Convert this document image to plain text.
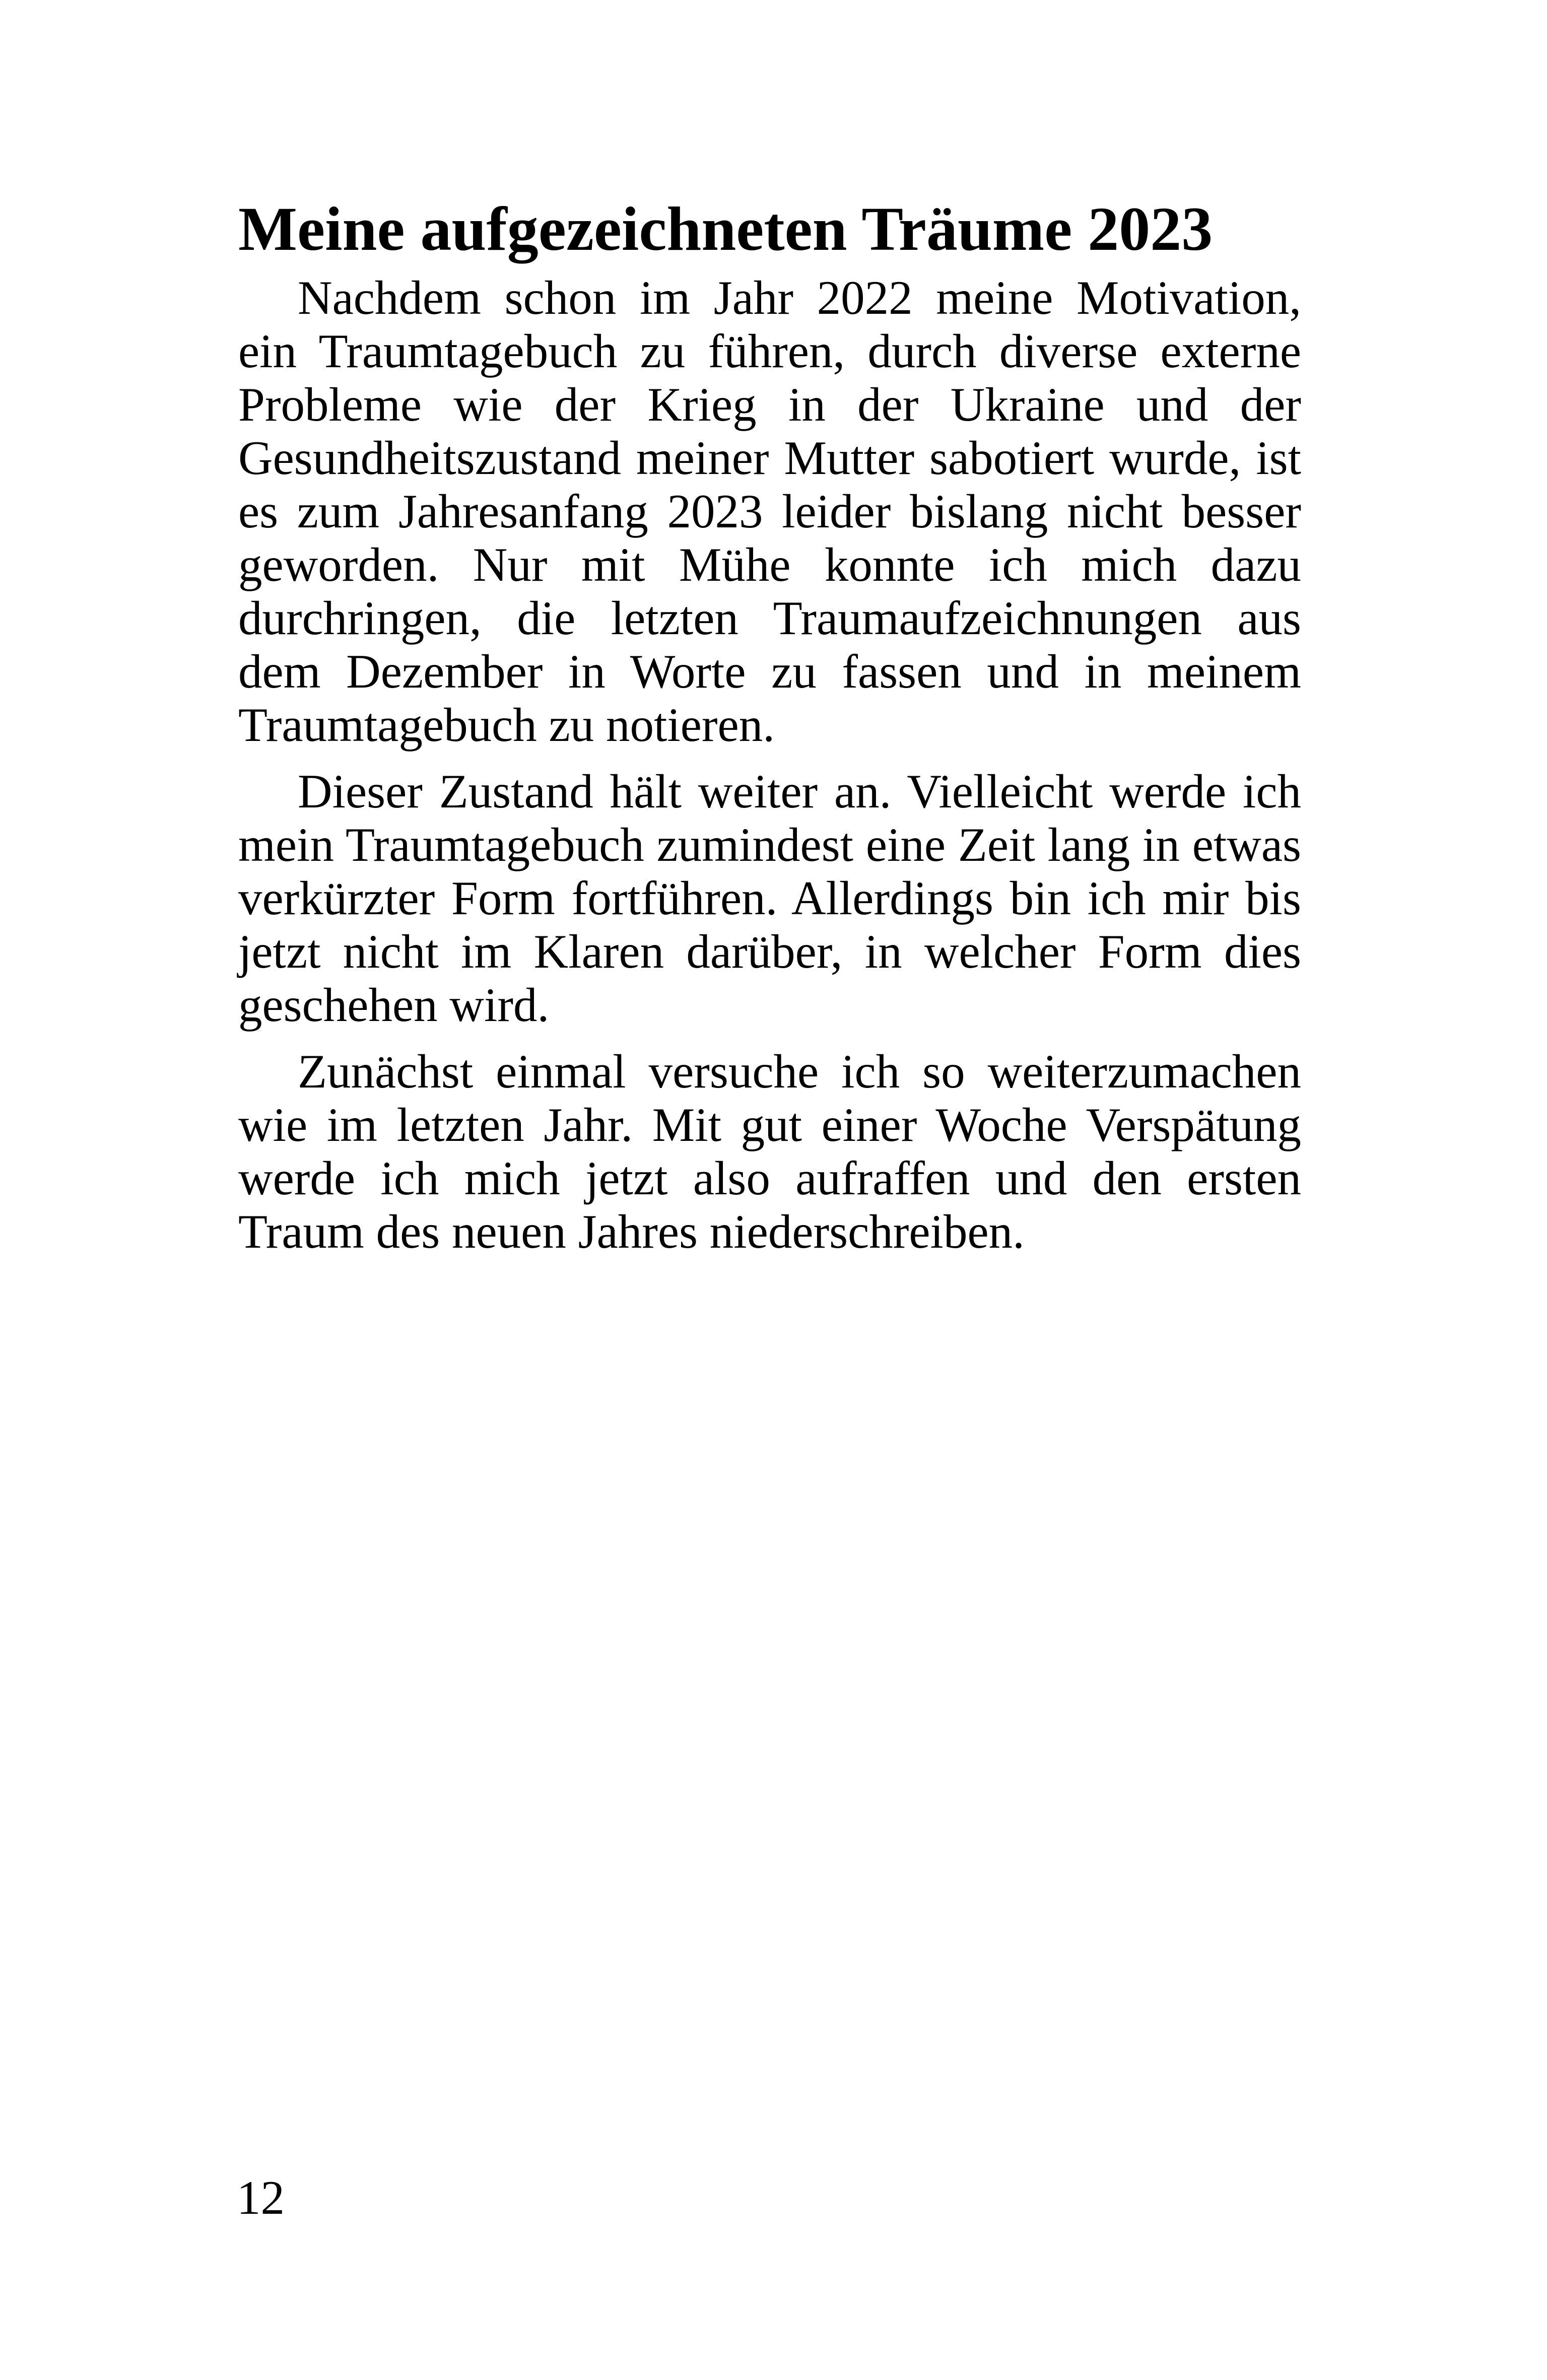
Meine aufgezeichneten Träume 2023

Nachdem schon im Jahr 2022 meine Motivation, ein Traumtagebuch zu führen, durch diverse externe Probleme wie der Krieg in der Ukraine und der Gesundheitszustand meiner Mutter sabotiert wurde, ist es zum Jahresanfang 2023 leider bislang nicht besser geworden. Nur mit Mühe konnte ich mich dazu durchringen, die letzten Traumaufzeichnungen aus dem Dezember in Worte zu fassen und in meinem Traumtagebuch zu notieren.

Dieser Zustand hält weiter an. Vielleicht werde ich mein Traumtagebuch zumindest eine Zeit lang in etwas verkürzter Form fortführen. Allerdings bin ich mir bis jetzt nicht im Klaren darüber, in welcher Form dies geschehen wird.

Zunächst einmal versuche ich so weiterzumachen wie im letzten Jahr. Mit gut einer Woche Verspätung werde ich mich jetzt also aufraffen und den ersten Traum des neuen Jahres niederschreiben.

12
